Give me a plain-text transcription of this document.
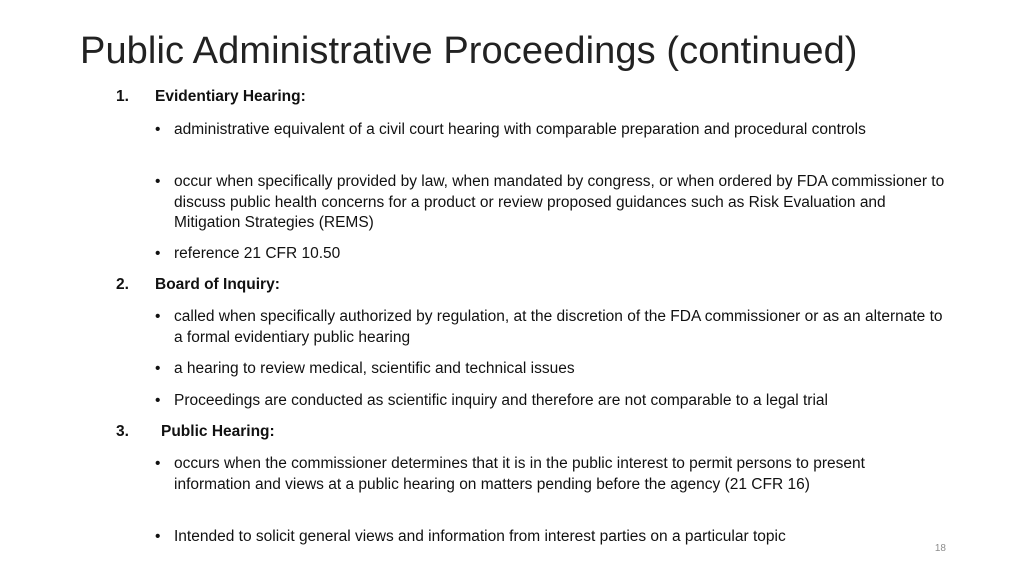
Public Administrative Proceedings (continued)
1. Evidentiary Hearing:
• administrative equivalent of a civil court hearing with comparable preparation and procedural controls
• occur when specifically provided by law, when mandated by congress, or when ordered by FDA commissioner to discuss public health concerns for a product or review proposed guidances such as Risk Evaluation and Mitigation Strategies (REMS)
• reference 21 CFR 10.50
2. Board of Inquiry:
• called when specifically authorized by regulation, at the discretion of the FDA commissioner or as an alternate to a formal evidentiary public hearing
• a hearing to review medical, scientific and technical issues
• Proceedings are conducted as scientific inquiry and therefore are not comparable to a legal trial
3. Public Hearing:
• occurs when the commissioner determines that it is in the public interest to permit persons to present information and views at a public hearing on matters pending before the agency (21 CFR 16)
• Intended to solicit general views and information from interest parties on a particular topic
18
